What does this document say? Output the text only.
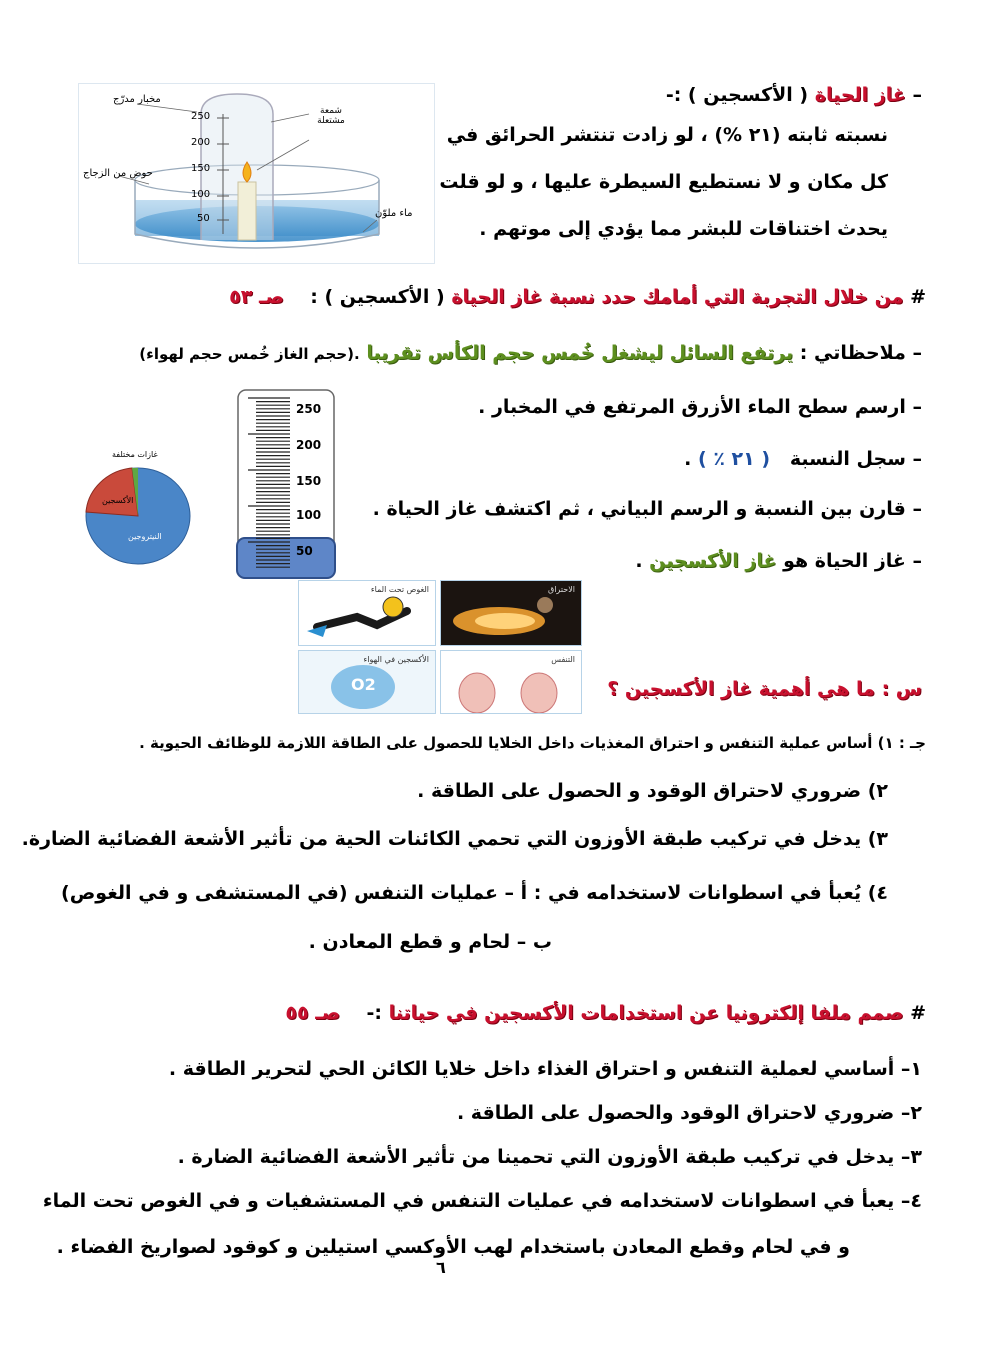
– غاز الحياة ( الأكسجين ) :-
نسبته ثابته (٢١ %) ، لو زادت تنتشر الحرائق في
كل مكان و لا نستطيع السيطرة عليها ، و لو قلت
يحدث اختناقات للبشر مما يؤدي إلى موتهم .
مخبار مدرّج
شمعة مشتعلة
حوض من الزجاج
ماء ملوّن
250
200
150
100
50
# من خلال التجربة التي أمامك حدد نسبة غاز الحياة ( الأكسجين ) :    صـ ٥٣
– ملاحظاتي : يرتفع السائل ليشغل خُمس حجم الكأس تقريبا .(حجم الغاز خُمس حجم لهواء)
– ارسم سطح الماء الأزرق المرتفع في المخبار .
– سجل النسبة   ( ٢١ ٪ ) .
– قارن بين النسبة و الرسم البياني ، ثم اكتشف غاز الحياة .
– غاز الحياة هو غاز الأكسجين .
250
200
150
100
50
غازات مختلفة
الأكسجين
النيتروجين
الغوص تحت الماء	الاحتراق
الأكسجين في الهواء
O2
التنفس
س : ما هي أهمية غاز الأكسجين ؟
جـ : ١) أساس عملية التنفس و احتراق المغذيات داخل الخلايا للحصول على الطاقة اللازمة للوظائف الحيوية .
٢) ضروري لاحتراق الوقود و الحصول على الطاقة .
٣) يدخل في تركيب طبقة الأوزون التي تحمي الكائنات الحية من تأثير الأشعة الفضائية الضارة.
٤) يُعبأ في اسطوانات لاستخدامه في : أ – عمليات التنفس (في المستشفى و في الغوص)
ب – لحام و قطع المعادن .
# صمم ملفا إلكترونيا عن استخدامات الأكسجين في حياتنا :-    صـ ٥٥
١– أساسي لعملية التنفس و احتراق الغذاء داخل خلايا الكائن الحي لتحرير الطاقة .
٢– ضروري لاحتراق الوقود والحصول على الطاقة .
٣– يدخل في تركيب طبقة الأوزون التي تحمينا من تأثير الأشعة الفضائية الضارة .
٤– يعبأ في اسطوانات لاستخدامه في عمليات التنفس في المستشفيات و في الغوص تحت الماء
و في لحام وقطع المعادن باستخدام لهب الأوكسي استيلين و كوقود لصواريخ الفضاء .
٦
